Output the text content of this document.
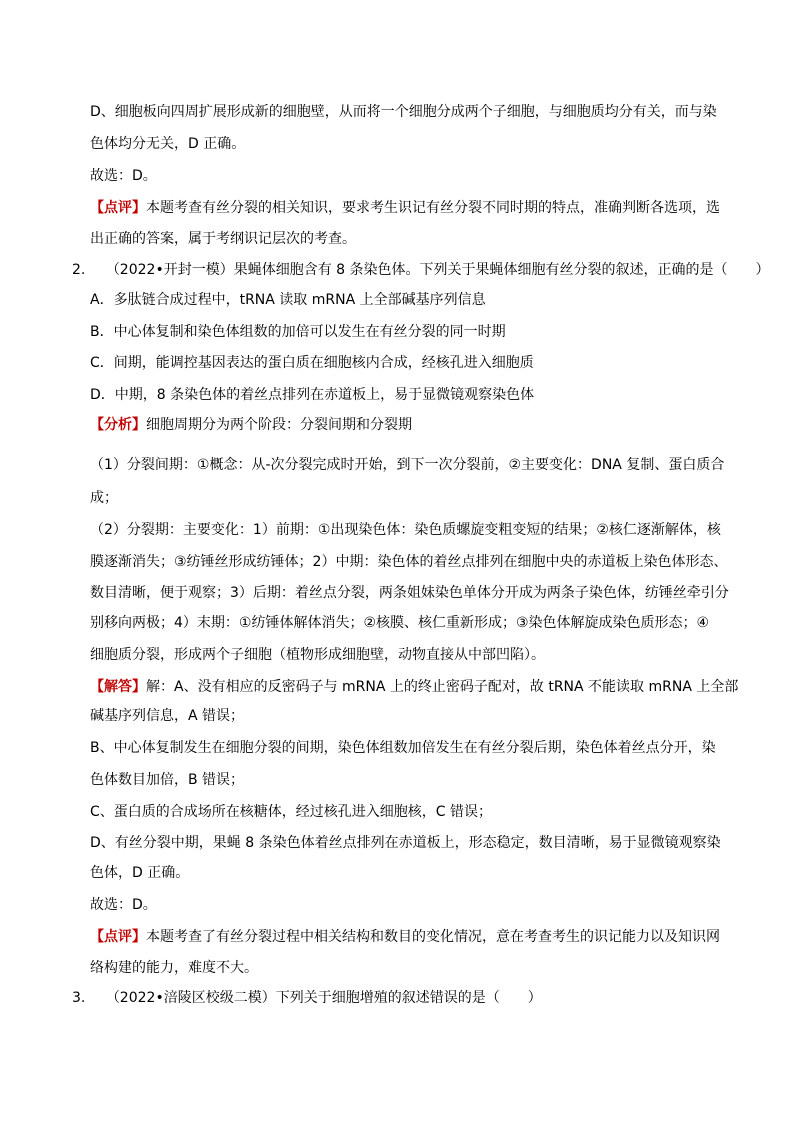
D、细胞板向四周扩展形成新的细胞壁，从而将一个细胞分成两个子细胞，与细胞质均分有关，而与染
色体均分无关，D 正确。
故选：D。
【点评】本题考查有丝分裂的相关知识，要求考生识记有丝分裂不同时期的特点，准确判断各选项，选
出正确的答案，属于考纲识记层次的考查。
2. （2022•开封一模）果蝇体细胞含有 8 条染色体。下列关于果蝇体细胞有丝分裂的叙述，正确的是（　　）
A．多肽链合成过程中，tRNA 读取 mRNA 上全部碱基序列信息
B．中心体复制和染色体组数的加倍可以发生在有丝分裂的同一时期
C．间期，能调控基因表达的蛋白质在细胞核内合成，经核孔进入细胞质
D．中期，8 条染色体的着丝点排列在赤道板上，易于显微镜观察染色体
【分析】细胞周期分为两个阶段：分裂间期和分裂期
（1）分裂间期：①概念：从-次分裂完成时开始，到下一次分裂前，②主要变化：DNA 复制、蛋白质合
成；
（2）分裂期：主要变化：1）前期：①出现染色体：染色质螺旋变粗变短的结果；②核仁逐渐解体，核
膜逐渐消失；③纺锤丝形成纺锤体；2）中期：染色体的着丝点排列在细胞中央的赤道板上染色体形态、
数目清晰，便于观察；3）后期：着丝点分裂，两条姐妹染色单体分开成为两条子染色体，纺锤丝牵引分
别移向两极；4）末期：①纺锤体解体消失；②核膜、核仁重新形成；③染色体解旋成染色质形态；④
细胞质分裂，形成两个子细胞（植物形成细胞壁，动物直接从中部凹陷）。
【解答】解：A、没有相应的反密码子与 mRNA 上的终止密码子配对，故 tRNA 不能读取 mRNA 上全部
碱基序列信息，A 错误；
B、中心体复制发生在细胞分裂的间期，染色体组数加倍发生在有丝分裂后期，染色体着丝点分开，染
色体数目加倍，B 错误；
C、蛋白质的合成场所在核糖体，经过核孔进入细胞核，C 错误；
D、有丝分裂中期，果蝇 8 条染色体着丝点排列在赤道板上，形态稳定，数目清晰，易于显微镜观察染
色体，D 正确。
故选：D。
【点评】本题考查了有丝分裂过程中相关结构和数目的变化情况，意在考查考生的识记能力以及知识网
络构建的能力，难度不大。
3. （2022•涪陵区校级二模）下列关于细胞增殖的叙述错误的是（　　）
